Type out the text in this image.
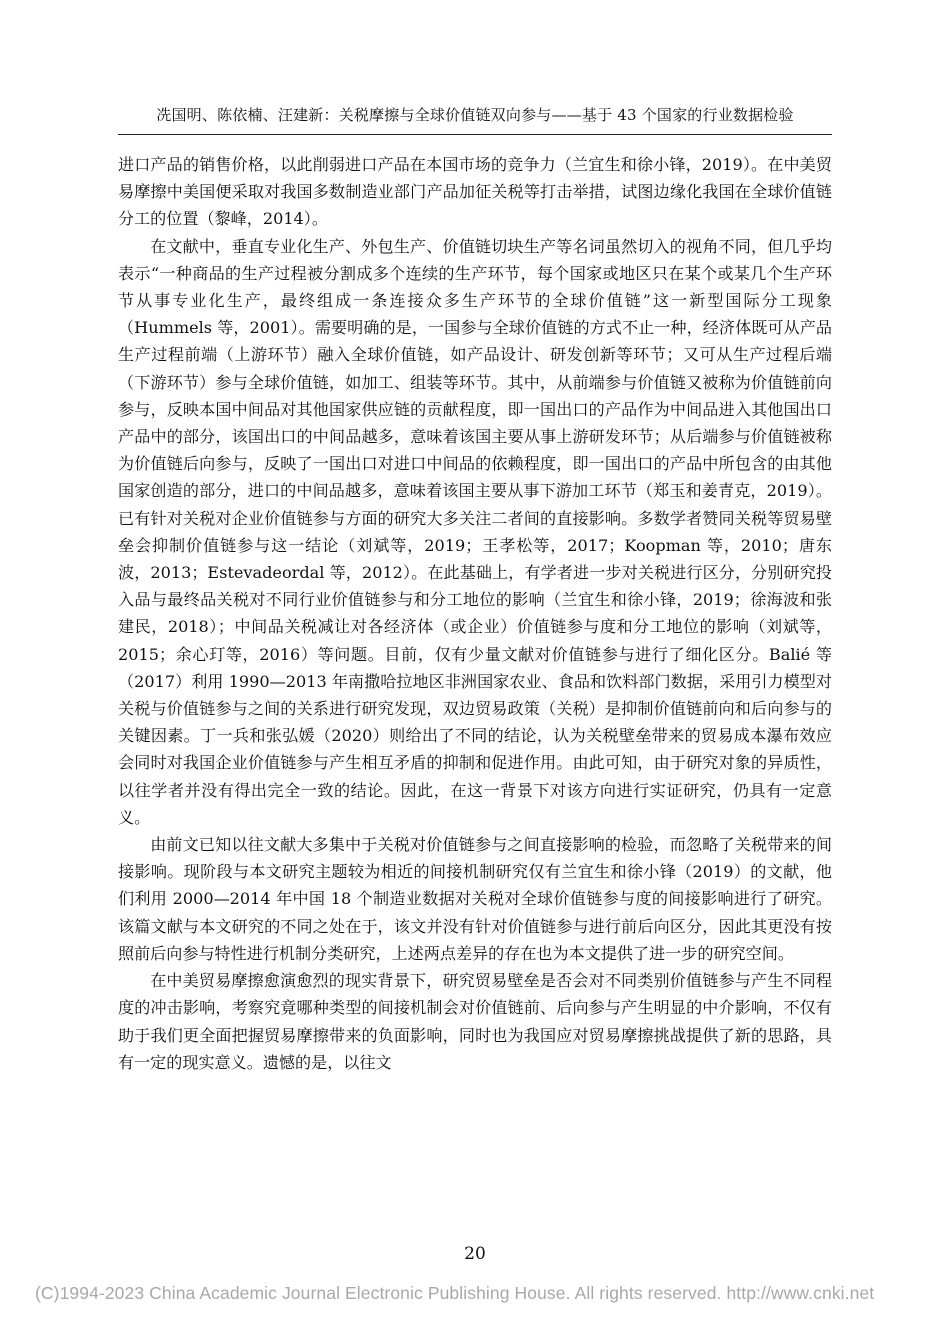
冼国明、陈依楠、汪建新：关税摩擦与全球价值链双向参与——基于 43 个国家的行业数据检验

进口产品的销售价格，以此削弱进口产品在本国市场的竞争力（兰宜生和徐小锋，2019）。在中美贸易摩擦中美国便采取对我国多数制造业部门产品加征关税等打击举措，试图边缘化我国在全球价值链分工的位置（黎峰，2014）。

在文献中，垂直专业化生产、外包生产、价值链切块生产等名词虽然切入的视角不同，但几乎均表示“一种商品的生产过程被分割成多个连续的生产环节，每个国家或地区只在某个或某几个生产环节从事专业化生产，最终组成一条连接众多生产环节的全球价值链”这一新型国际分工现象（Hummels 等，2001）。需要明确的是，一国参与全球价值链的方式不止一种，经济体既可从产品生产过程前端（上游环节）融入全球价值链，如产品设计、研发创新等环节；又可从生产过程后端（下游环节）参与全球价值链，如加工、组装等环节。其中，从前端参与价值链又被称为价值链前向参与，反映本国中间品对其他国家供应链的贡献程度，即一国出口的产品作为中间品进入其他国出口产品中的部分，该国出口的中间品越多，意味着该国主要从事上游研发环节；从后端参与价值链被称为价值链后向参与，反映了一国出口对进口中间品的依赖程度，即一国出口的产品中所包含的由其他国家创造的部分，进口的中间品越多，意味着该国主要从事下游加工环节（郑玉和姜青克，2019）。已有针对关税对企业价值链参与方面的研究大多关注二者间的直接影响。多数学者赞同关税等贸易壁垒会抑制价值链参与这一结论（刘斌等，2019；王孝松等，2017；Koopman 等，2010；唐东波，2013；Estevadeordal 等，2012）。在此基础上，有学者进一步对关税进行区分，分别研究投入品与最终品关税对不同行业价值链参与和分工地位的影响（兰宜生和徐小锋，2019；徐海波和张建民，2018）；中间品关税减让对各经济体（或企业）价值链参与度和分工地位的影响（刘斌等，2015；余心玎等，2016）等问题。目前，仅有少量文献对价值链参与进行了细化区分。Balié 等（2017）利用 1990—2013 年南撒哈拉地区非洲国家农业、食品和饮料部门数据，采用引力模型对关税与价值链参与之间的关系进行研究发现，双边贸易政策（关税）是抑制价值链前向和后向参与的关键因素。丁一兵和张弘媛（2020）则给出了不同的结论，认为关税壁垒带来的贸易成本瀑布效应会同时对我国企业价值链参与产生相互矛盾的抑制和促进作用。由此可知，由于研究对象的异质性，以往学者并没有得出完全一致的结论。因此，在这一背景下对该方向进行实证研究，仍具有一定意义。

由前文已知以往文献大多集中于关税对价值链参与之间直接影响的检验，而忽略了关税带来的间接影响。现阶段与本文研究主题较为相近的间接机制研究仅有兰宜生和徐小锋（2019）的文献，他们利用 2000—2014 年中国 18 个制造业数据对关税对全球价值链参与度的间接影响进行了研究。该篇文献与本文研究的不同之处在于，该文并没有针对价值链参与进行前后向区分，因此其更没有按照前后向参与特性进行机制分类研究，上述两点差异的存在也为本文提供了进一步的研究空间。

在中美贸易摩擦愈演愈烈的现实背景下，研究贸易壁垒是否会对不同类别价值链参与产生不同程度的冲击影响，考察究竟哪种类型的间接机制会对价值链前、后向参与产生明显的中介影响，不仅有助于我们更全面把握贸易摩擦带来的负面影响，同时也为我国应对贸易摩擦挑战提供了新的思路，具有一定的现实意义。遗憾的是，以往文

20
(C)1994-2023 China Academic Journal Electronic Publishing House. All rights reserved. http://www.cnki.net
